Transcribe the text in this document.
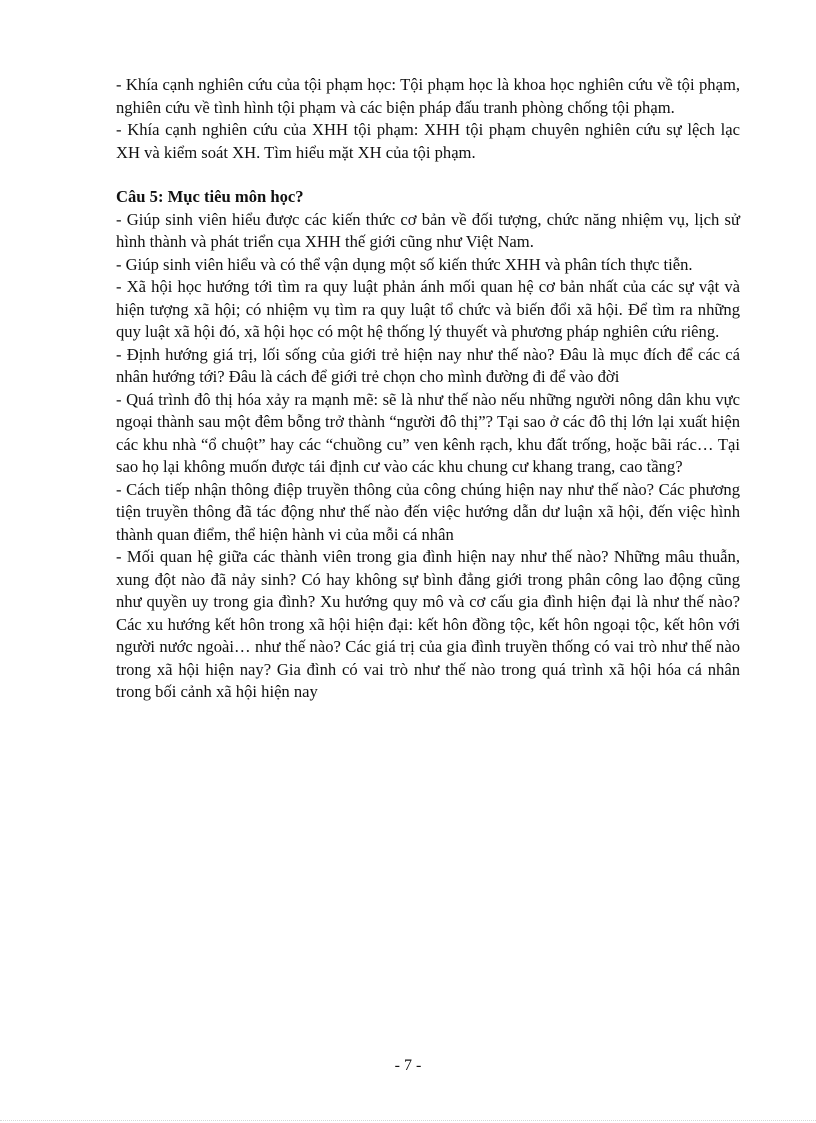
- Khía cạnh nghiên cứu của tội phạm học: Tội phạm học là khoa học nghiên cứu về tội phạm, nghiên cứu về tình hình tội phạm và các biện pháp đấu tranh phòng chống tội phạm.

- Khía cạnh nghiên cứu của XHH tội phạm: XHH tội phạm chuyên nghiên cứu sự lệch lạc XH và kiểm soát XH. Tìm hiểu mặt XH của tội phạm.

Câu 5: Mục tiêu môn học?

- Giúp sinh viên hiểu được các kiến thức cơ bản về đối tượng, chức năng nhiệm vụ, lịch sử hình thành và phát triển cụa XHH thế giới cũng như Việt Nam.

- Giúp sinh viên hiểu và có thể vận dụng một số kiến thức XHH và phân tích thực tiễn.

- Xã hội học hướng tới tìm ra quy luật phản ánh mối quan hệ cơ bản nhất của các sự vật và hiện tượng xã hội; có nhiệm vụ tìm ra quy luật tổ chức và biến đổi xã hội. Để tìm ra những quy luật xã hội đó, xã hội học có một hệ thống lý thuyết và phương pháp nghiên cứu riêng.

- Định hướng giá trị, lối sống của giới trẻ hiện nay như thế nào? Đâu là mục đích để các cá nhân hướng tới? Đâu là cách để giới trẻ chọn cho mình đường đi để vào đời

- Quá trình đô thị hóa xảy ra mạnh mẽ: sẽ là như thế nào nếu những người nông dân khu vực ngoại thành sau một đêm bỗng trở thành “người đô thị”? Tại sao ở các đô thị lớn lại xuất hiện các khu nhà “ổ chuột” hay các “chuồng cu” ven kênh rạch, khu đất trống, hoặc bãi rác… Tại sao họ lại không muốn được tái định cư vào các khu chung cư khang trang, cao tầng?

- Cách tiếp nhận thông điệp truyền thông của công chúng hiện nay như thế nào? Các phương tiện truyền thông đã tác động như thế nào đến việc hướng dẫn dư luận xã hội, đến việc hình thành quan điểm, thể hiện hành vi của mỗi cá nhân

- Mối quan hệ giữa các thành viên trong gia đình hiện nay như thế nào? Những mâu thuẫn, xung đột nào đã nảy sinh? Có hay không sự bình đẳng giới trong phân công lao động cũng như quyền uy trong gia đình? Xu hướng quy mô và cơ cấu gia đình hiện đại là như thế nào? Các xu hướng kết hôn trong xã hội hiện đại: kết hôn đồng tộc, kết hôn ngoại tộc, kết hôn với người nước ngoài… như thế nào? Các giá trị của gia đình truyền thống có vai trò như thế nào trong xã hội hiện nay? Gia đình có vai trò như thế nào trong quá trình xã hội hóa cá nhân trong bối cảnh xã hội hiện nay

- 7 -
